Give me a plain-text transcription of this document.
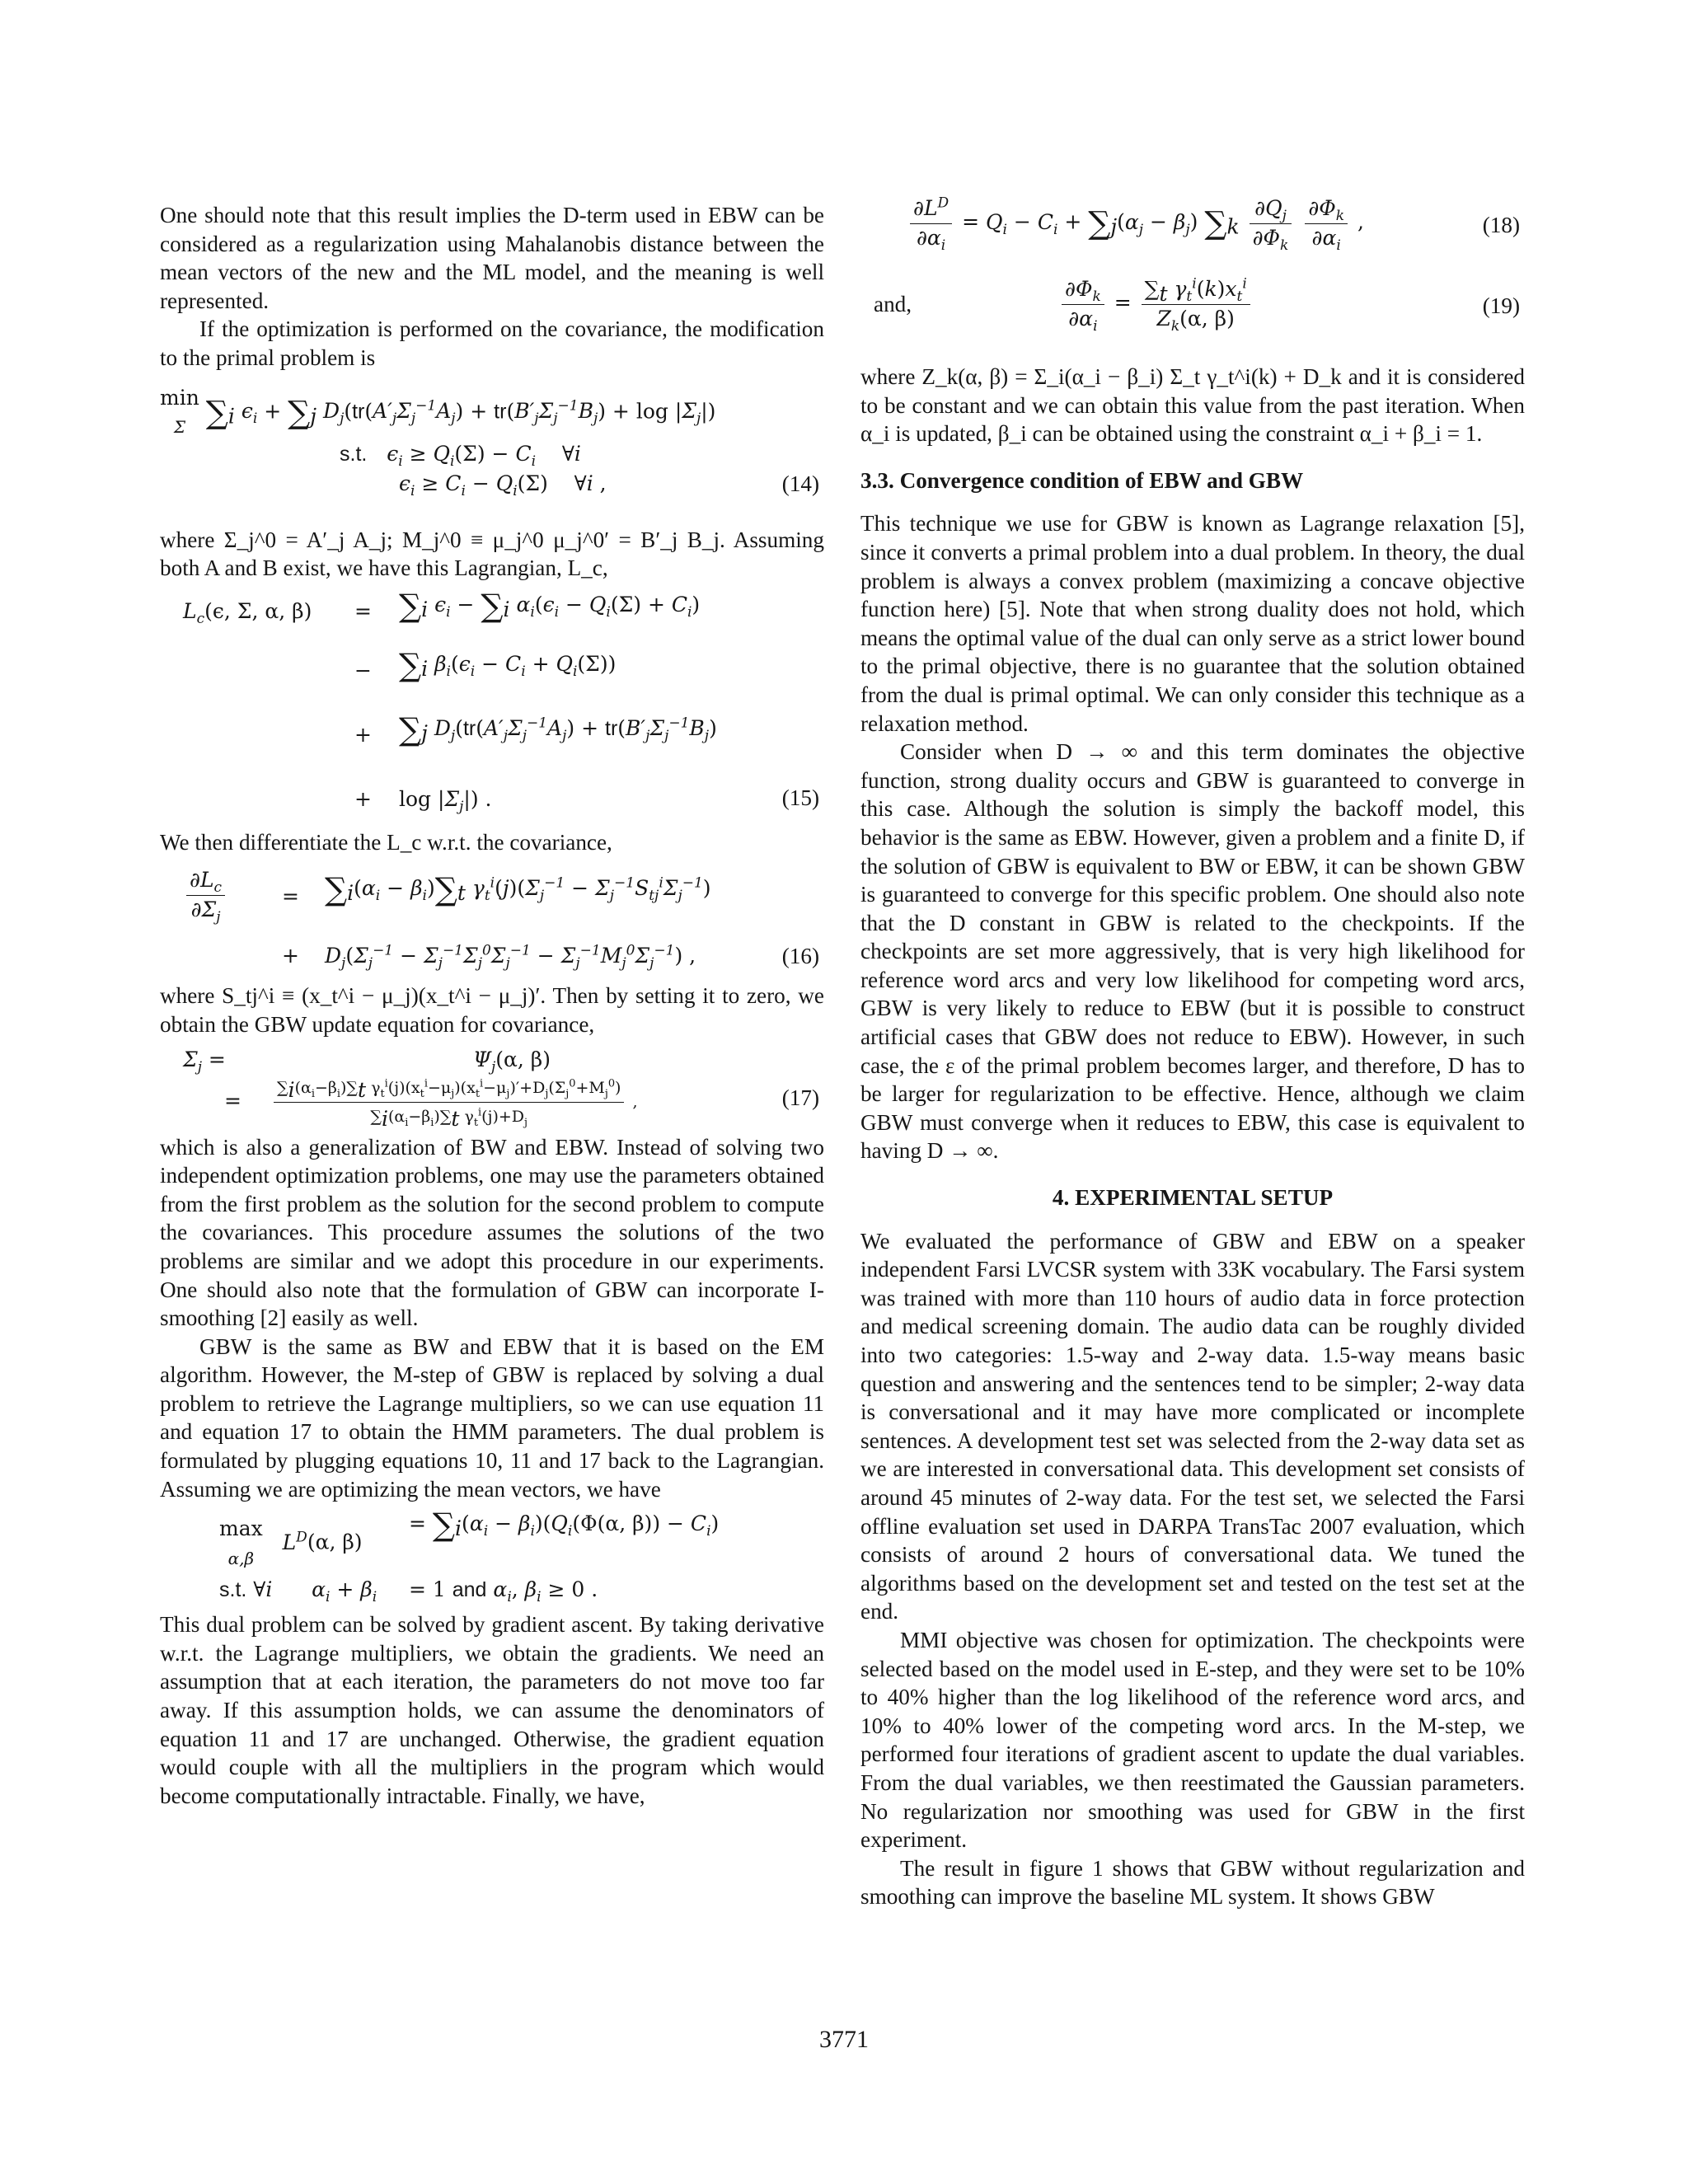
One should note that this result implies the D-term used in EBW can be considered as a regularization using Mahalanobis distance between the mean vectors of the new and the ML model, and the meaning is well represented.

If the optimization is performed on the covariance, the modification to the primal problem is

min
Σ $\sum_i$ $\epsilon_i + \sum_j$ $D_j(tr(A'_j\Sigma_j^{-1}A_j) + tr(B'_j\Sigma_j^{-1}B_j) + \log |\Sigma_j|)$
s.t. $\epsilon_i \ge Q_i(\Sigma) - C_i$    ∀i
$\epsilon_i \ge C_i - Q_i(\Sigma)$    ∀i ,	(14)

where Σ_j^0 = A′_j A_j; M_j^0 ≡ μ_j^0 μ_j^0′ = B′_j B_j. Assuming both A and B exist, we have this Lagrangian, L_c,

$L_c(\epsilon$, Σ, α, $\beta) = \sum_i$ $\epsilon_i - \sum_i$ $\alpha_i(\epsilon_i - Q_i(\Sigma) + C_i)$
− $\sum_i$ $\beta_i(\epsilon_i - C_i + Q_i(\Sigma))$
+ $\sum_j$ $D_j(tr(A'_j\Sigma_j^{-1}A_j) + tr(B'_j\Sigma_j^{-1}B_j)$
+ $\log |\Sigma_j|$) .	(15)

We then differentiate the L_c w.r.t. the covariance,

$\frac{\partial L_c}{\partial\Sigma_j}$	= $\sum_i(\alpha_i - \beta_i)\sum_t$ $\gamma_t^i(j)(\Sigma_j^{-1} - \Sigma_j^{-1}S_{tj}^i\Sigma_j^{-1})$
+ $D_j(\Sigma_j^{-1} - \Sigma_j^{-1}\Sigma_j^0\Sigma_j^{-1} - \Sigma_j^{-1}M_j^0\Sigma_j^{-1})$ ,	(16)

where S_tj^i ≡ (x_t^i − μ_j)(x_t^i − μ_j)′. Then by setting it to zero, we obtain the GBW update equation for covariance,

$\Sigma_j$ =	$\Psi_j(\alpha$, β)
= $\frac{\sum_i(\alpha_i-\beta_i)\sum_t \gamma_t^i(j)(x_t^i-\mu_j)(x_t^i-\mu_j)'+D_j(\Sigma_j^0+M_j^0)}{\sum_i(\alpha_i-\beta_i)\sum_t \gamma_t^i(j)+D_j}$ ,	(17)

which is also a generalization of BW and EBW. Instead of solving two independent optimization problems, one may use the parameters obtained from the first problem as the solution for the second problem to compute the covariances. This procedure assumes the solutions of the two problems are similar and we adopt this procedure in our experiments. One should also note that the formulation of GBW can incorporate I-smoothing [2] easily as well.

GBW is the same as BW and EBW that it is based on the EM algorithm. However, the M-step of GBW is replaced by solving a dual problem to retrieve the Lagrange multipliers, so we can use equation 11 and equation 17 to obtain the HMM parameters. The dual problem is formulated by plugging equations 10, 11 and 17 back to the Lagrangian. Assuming we are optimizing the mean vectors, we have

max
α,β   $L^D(\alpha$, β)
= $\sum_i(\alpha_i - \beta_i)(Q_i(\Phi(\alpha$, $\beta)) - C_i$)
s.t. ∀i $\alpha_i + \beta_i = 1$ and $\alpha_i$, $\beta_i \ge 0$ .

This dual problem can be solved by gradient ascent. By taking derivative w.r.t. the Lagrange multipliers, we obtain the gradients. We need an assumption that at each iteration, the parameters do not move too far away. If this assumption holds, we can assume the denominators of equation 11 and 17 are unchanged. Otherwise, the gradient equation would couple with all the multipliers in the program which would become computationally intractable. Finally, we have,

$\frac{\partial L^D}{\partial\alpha_i} = Q_i - C_i + \sum_j(\alpha_j - \beta_j)$ $\sum_k \frac{\partial Q_j}{\partial\Phi_k}$
$\frac{\partial\Phi_k}{\partial\alpha_i}$ ,	(18)
and,	$\frac{\partial\Phi_k}{\partial\alpha_i} = \frac{\sum_t \gamma_t^i(k)x_t^i}{Z_k(\alpha, \beta)}$	(19)

where Z_k(α, β) = Σ_i(α_i − β_i) Σ_t γ_t^i(k) + D_k and it is considered to be constant and we can obtain this value from the past iteration. When α_i is updated, β_i can be obtained using the constraint α_i + β_i = 1.

3.3. Convergence condition of EBW and GBW

This technique we use for GBW is known as Lagrange relaxation [5], since it converts a primal problem into a dual problem. In theory, the dual problem is always a convex problem (maximizing a concave objective function here) [5]. Note that when strong duality does not hold, which means the optimal value of the dual can only serve as a strict lower bound to the primal objective, there is no guarantee that the solution obtained from the dual is primal optimal. We can only consider this technique as a relaxation method.

Consider when D → ∞ and this term dominates the objective function, strong duality occurs and GBW is guaranteed to converge in this case. Although the solution is simply the backoff model, this behavior is the same as EBW. However, given a problem and a finite D, if the solution of GBW is equivalent to BW or EBW, it can be shown GBW is guaranteed to converge for this specific problem. One should also note that the D constant in GBW is related to the checkpoints. If the checkpoints are set more aggressively, that is very high likelihood for reference word arcs and very low likelihood for competing word arcs, GBW is very likely to reduce to EBW (but it is possible to construct artificial cases that GBW does not reduce to EBW). However, in such case, the ε of the primal problem becomes larger, and therefore, D has to be larger for regularization to be effective. Hence, although we claim GBW must converge when it reduces to EBW, this case is equivalent to having D → ∞.

4. EXPERIMENTAL SETUP

We evaluated the performance of GBW and EBW on a speaker independent Farsi LVCSR system with 33K vocabulary. The Farsi system was trained with more than 110 hours of audio data in force protection and medical screening domain. The audio data can be roughly divided into two categories: 1.5-way and 2-way data. 1.5-way means basic question and answering and the sentences tend to be simpler; 2-way data is conversational and it may have more complicated or incomplete sentences. A development test set was selected from the 2-way data set as we are interested in conversational data. This development set consists of around 45 minutes of 2-way data. For the test set, we selected the Farsi offline evaluation set used in DARPA TransTac 2007 evaluation, which consists of around 2 hours of conversational data. We tuned the algorithms based on the development set and tested on the test set at the end.

MMI objective was chosen for optimization. The checkpoints were selected based on the model used in E-step, and they were set to be 10% to 40% higher than the log likelihood of the reference word arcs, and 10% to 40% lower of the competing word arcs. In the M-step, we performed four iterations of gradient ascent to update the dual variables. From the dual variables, we then reestimated the Gaussian parameters. No regularization nor smoothing was used for GBW in the first experiment.

The result in figure 1 shows that GBW without regularization and smoothing can improve the baseline ML system. It shows GBW

3771
